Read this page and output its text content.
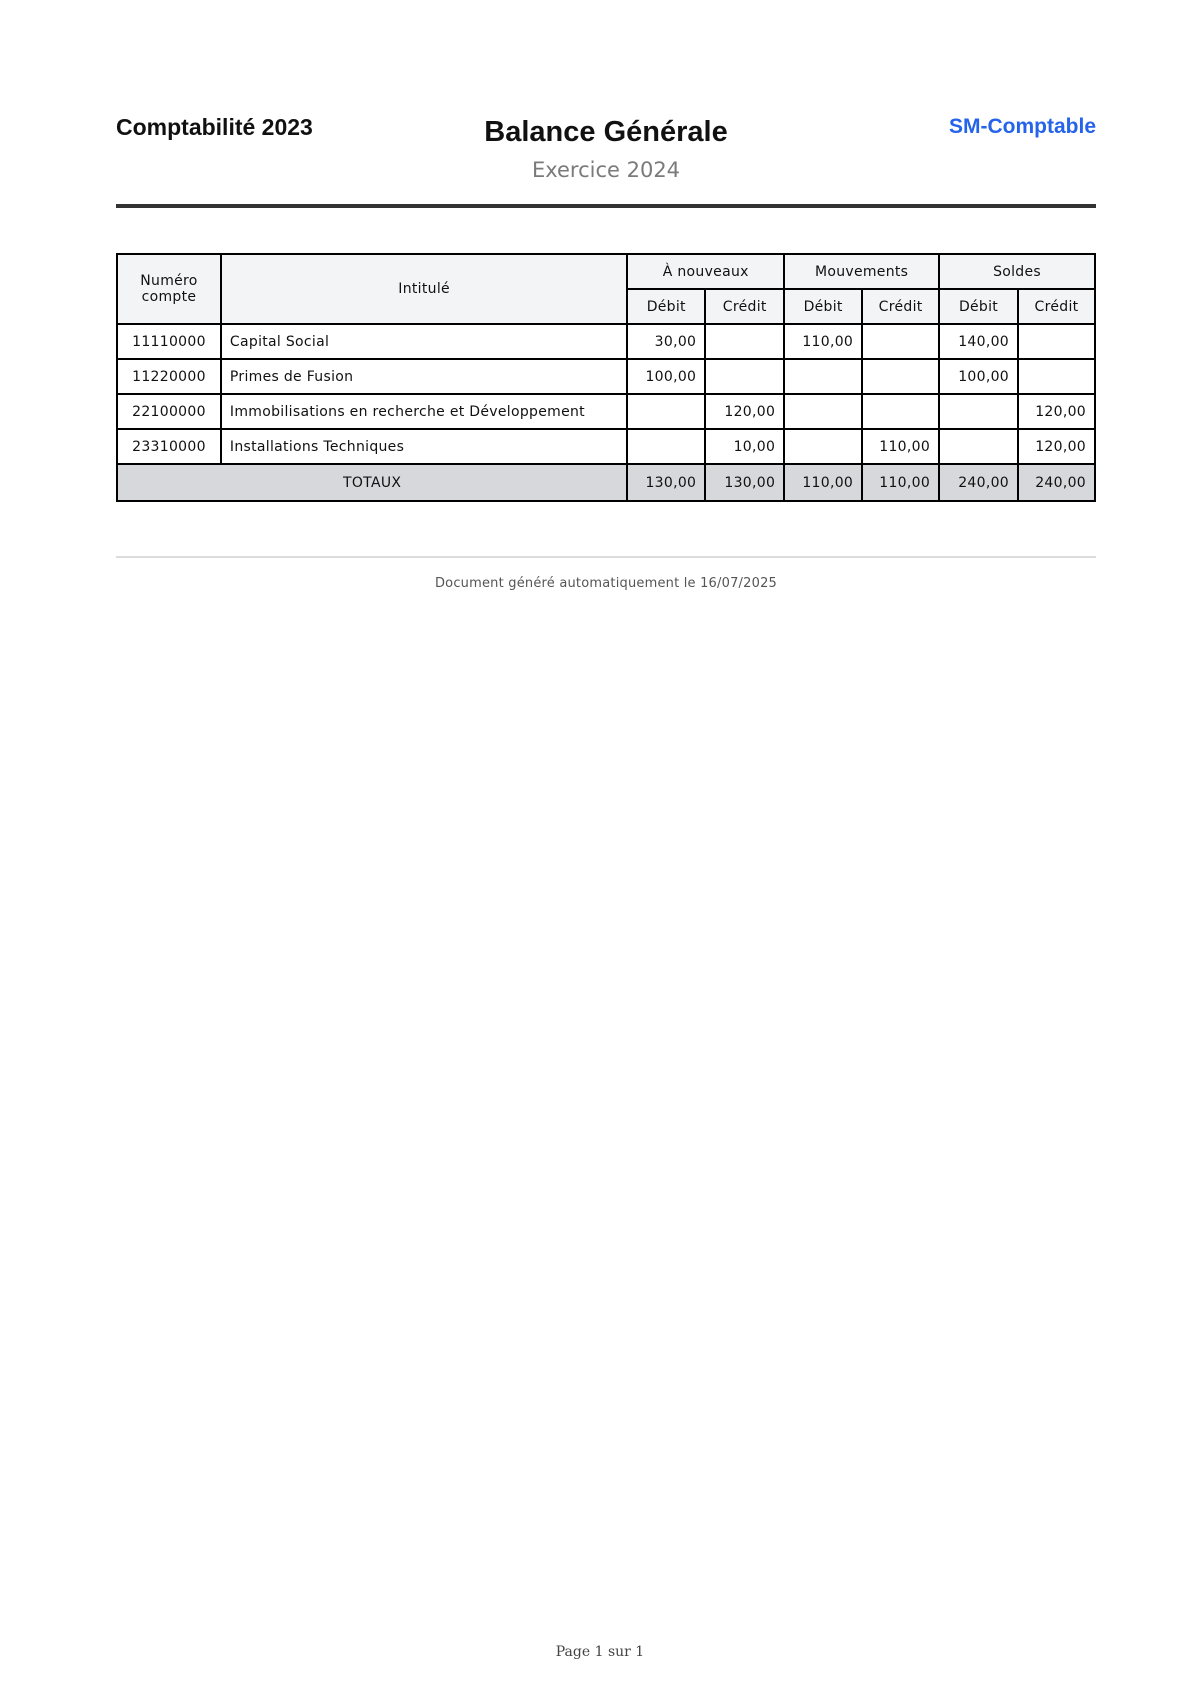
Comptabilité 2023	Balance Générale
Exercice 2024
SM-Comptable
Numéro compte	Intitulé	À nouveaux		Mouvements		Soldes	
		Débit	Crédit	Débit	Crédit	Débit	Crédit
11110000	Capital Social	30,00		110,00		140,00	
11220000	Primes de Fusion	100,00				100,00	
22100000	Immobilisations en recherche et Développement		120,00				120,00
23310000	Installations Techniques		10,00		110,00		120,00
TOTAUX		130,00	130,00	110,00	110,00	240,00	240,00
Document généré automatiquement le 16/07/2025
Page 1 sur 1
